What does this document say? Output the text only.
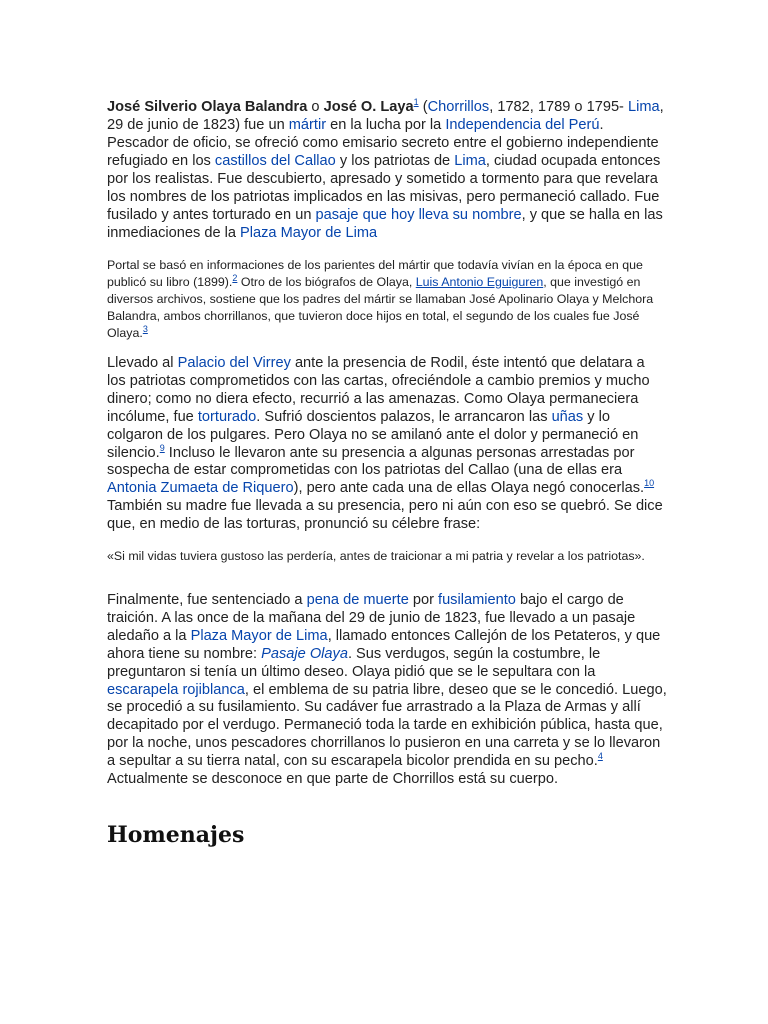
José Silverio Olaya Balandra o José O. Laya$^1$ (Chorrillos, 1782, 1789 o 1795- Lima, 29 de junio de 1823) fue un mártir en la lucha por la Independencia del Perú. Pescador de oficio, se ofreció como emisario secreto entre el gobierno independiente refugiado en los castillos del Callao y los patriotas de Lima, ciudad ocupada entonces por los realistas. Fue descubierto, apresado y sometido a tormento para que revelara los nombres de los patriotas implicados en las misivas, pero permaneció callado. Fue fusilado y antes torturado en un pasaje que hoy lleva su nombre, y que se halla en las inmediaciones de la Plaza Mayor de Lima

Portal se basó en informaciones de los parientes del mártir que todavía vivían en la época en que publicó su libro (1899).$^2$ Otro de los biógrafos de Olaya, Luis Antonio Eguiguren, que investigó en diversos archivos, sostiene que los padres del mártir se llamaban José Apolinario Olaya y Melchora Balandra, ambos chorrillanos, que tuvieron doce hijos en total, el segundo de los cuales fue José Olaya.$^3$

Llevado al Palacio del Virrey ante la presencia de Rodil, éste intentó que delatara a los patriotas comprometidos con las cartas, ofreciéndole a cambio premios y mucho dinero; como no diera efecto, recurrió a las amenazas. Como Olaya permaneciera incólume, fue torturado. Sufrió doscientos palazos, le arrancaron las uñas y lo colgaron de los pulgares. Pero Olaya no se amilanó ante el dolor y permaneció en silencio.$^9$ Incluso le llevaron ante su presencia a algunas personas arrestadas por sospecha de estar comprometidas con los patriotas del Callao (una de ellas era Antonia Zumaeta de Riquero), pero ante cada una de ellas Olaya negó conocerlas.$^{10}$ También su madre fue llevada a su presencia, pero ni aún con eso se quebró. Se dice que, en medio de las torturas, pronunció su célebre frase:

«Si mil vidas tuviera gustoso las perdería, antes de traicionar a mi patria y revelar a los patriotas».

Finalmente, fue sentenciado a pena de muerte por fusilamiento bajo el cargo de traición. A las once de la mañana del 29 de junio de 1823, fue llevado a un pasaje aledaño a la Plaza Mayor de Lima, llamado entonces Callejón de los Petateros, y que ahora tiene su nombre: Pasaje Olaya. Sus verdugos, según la costumbre, le preguntaron si tenía un último deseo. Olaya pidió que se le sepultara con la escarapela rojiblanca, el emblema de su patria libre, deseo que se le concedió. Luego, se procedió a su fusilamiento. Su cadáver fue arrastrado a la Plaza de Armas y allí decapitado por el verdugo. Permaneció toda la tarde en exhibición pública, hasta que, por la noche, unos pescadores chorrillanos lo pusieron en una carreta y se lo llevaron a sepultar a su tierra natal, con su escarapela bicolor prendida en su pecho.$^4$ Actualmente se desconoce en que parte de Chorrillos está su cuerpo.

Homenajes
